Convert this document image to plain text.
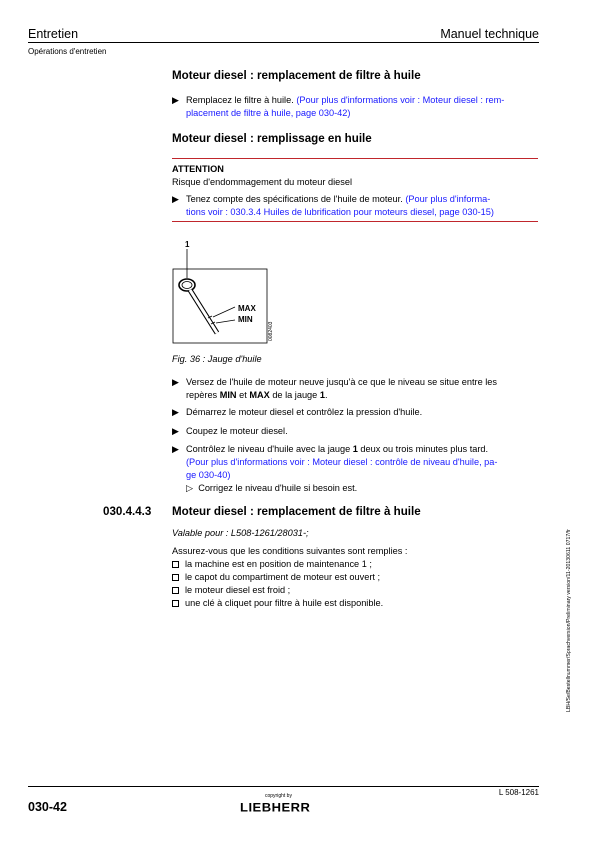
Entretien	Manuel technique
Opérations d'entretien
Moteur diesel : remplacement de filtre à huile
▶ Remplacez le filtre à huile. (Pour plus d'informations voir : Moteur diesel : rem-
placement de filtre à huile, page 030-42)
Moteur diesel : remplissage en huile
ATTENTION
Risque d'endommagement du moteur diesel
▶ Tenez compte des spécifications de l'huile de moteur. (Pour plus d'informa-
tions voir : 030.3.4 Huiles de lubrification pour moteurs diesel, page 030-15)
1
MAX
MIN
0082403
Fig. 36 : Jauge d'huile
▶ Versez de l'huile de moteur neuve jusqu'à ce que le niveau se situe entre les
repères MIN et MAX de la jauge 1.
▶ Démarrez le moteur diesel et contrôlez la pression d'huile.
▶ Coupez le moteur diesel.
▶ Contrôlez le niveau d'huile avec la jauge 1 deux ou trois minutes plus tard.
(Pour plus d'informations voir : Moteur diesel : contrôle de niveau d'huile, pa-
ge 030-40)
▷ Corrigez le niveau d'huile si besoin est.
030.4.4.3 Moteur diesel : remplacement de filtre à huile
Valable pour : L508-1261/28031-;
Assurez-vous que les conditions suivantes sont remplies :
la machine est en position de maintenance 1 ;
le capot du compartiment de moteur est ouvert ;
le moteur diesel est froid ;
une clé à cliquet pour filtre à huile est disponible.	LBH/Se/Bestellnummer/Sprachversion/Preliminary version/11-20130611 0717/fr
030-42
L 508-1261
copyright by
LIEBHERR
